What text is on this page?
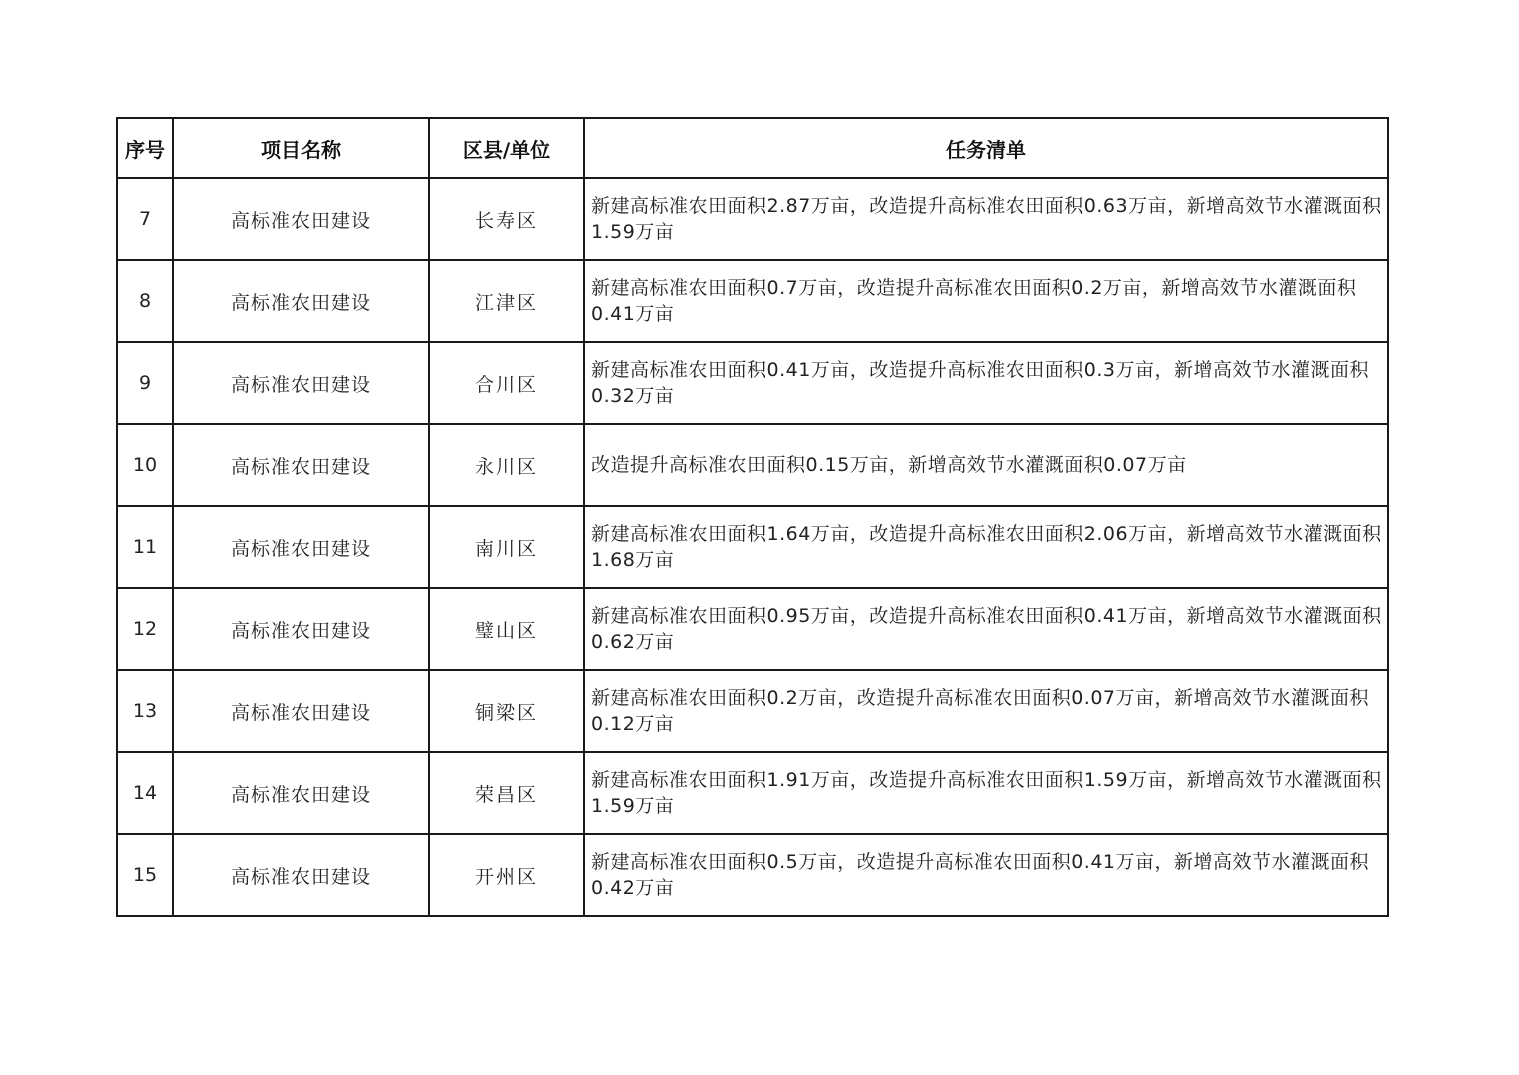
序号	项目名称	区县/单位	任务清单
7	高标准农田建设	长寿区	新建高标准农田面积2.87万亩，改造提升高标准农田面积0.63万亩，新增高效节水灌溉面积1.59万亩
8	高标准农田建设	江津区	新建高标准农田面积0.7万亩，改造提升高标准农田面积0.2万亩，新增高效节水灌溉面积0.41万亩
9	高标准农田建设	合川区	新建高标准农田面积0.41万亩，改造提升高标准农田面积0.3万亩，新增高效节水灌溉面积0.32万亩
10	高标准农田建设	永川区	改造提升高标准农田面积0.15万亩，新增高效节水灌溉面积0.07万亩
11	高标准农田建设	南川区	新建高标准农田面积1.64万亩，改造提升高标准农田面积2.06万亩，新增高效节水灌溉面积1.68万亩
12	高标准农田建设	璧山区	新建高标准农田面积0.95万亩，改造提升高标准农田面积0.41万亩，新增高效节水灌溉面积0.62万亩
13	高标准农田建设	铜梁区	新建高标准农田面积0.2万亩，改造提升高标准农田面积0.07万亩，新增高效节水灌溉面积0.12万亩
14	高标准农田建设	荣昌区	新建高标准农田面积1.91万亩，改造提升高标准农田面积1.59万亩，新增高效节水灌溉面积1.59万亩
15	高标准农田建设	开州区	新建高标准农田面积0.5万亩，改造提升高标准农田面积0.41万亩，新增高效节水灌溉面积0.42万亩
